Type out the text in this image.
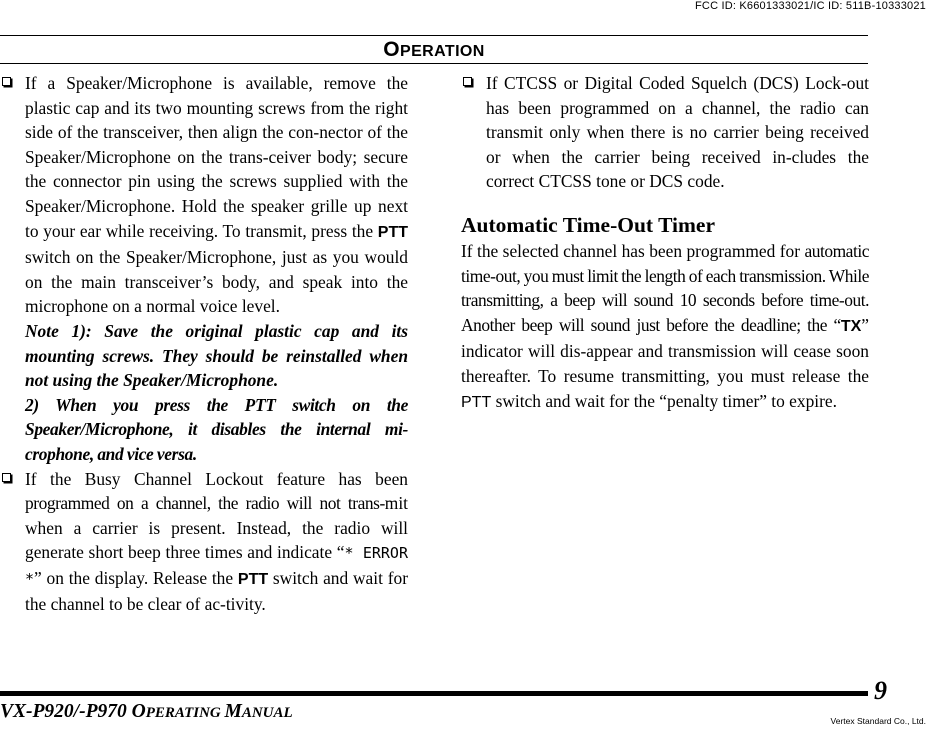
FCC ID: K6601333021/IC ID: 511B-10333021
OPERATION
If a Speaker/Microphone is available, remove the plastic cap and its two mounting screws from the right side of the transceiver, then align the con-nector of the Speaker/Microphone on the trans-ceiver body; secure the connector pin using the screws supplied with the Speaker/Microphone. Hold the speaker grille up next to your ear while receiving. To transmit, press the PTT switch on the Speaker/Microphone, just as you would on the main transceiver’s body, and speak into the microphone on a normal voice level.
Note 1): Save the original plastic cap and its mounting screws. They should be reinstalled when not using the Speaker/Microphone.
2) When you press the PTT switch on the Speaker/Microphone, it disables the internal mi-crophone, and vice versa.
If the Busy Channel Lockout feature has been programmed on a channel, the radio will not trans-mit when a carrier is present. Instead, the radio will generate short beep three times and indicate “* ERROR *” on the display. Release the PTT switch and wait for the channel to be clear of ac-tivity.
If CTCSS or Digital Coded Squelch (DCS) Lock-out has been programmed on a channel, the radio can transmit only when there is no carrier being received or when the carrier being received in-cludes the correct CTCSS tone or DCS code.
Automatic Time-Out Timer
If the selected channel has been programmed for automatic time-out, you must limit the length of each transmission. While transmitting, a beep will sound 10 seconds before time-out. Another beep will sound just before the deadline; the “TX” indicator will dis-appear and transmission will cease soon thereafter. To resume transmitting, you must release the PTT switch and wait for the “penalty timer” to expire.
9
VX-P920/-P970 OPERATING MANUAL	Vertex Standard Co., Ltd.
